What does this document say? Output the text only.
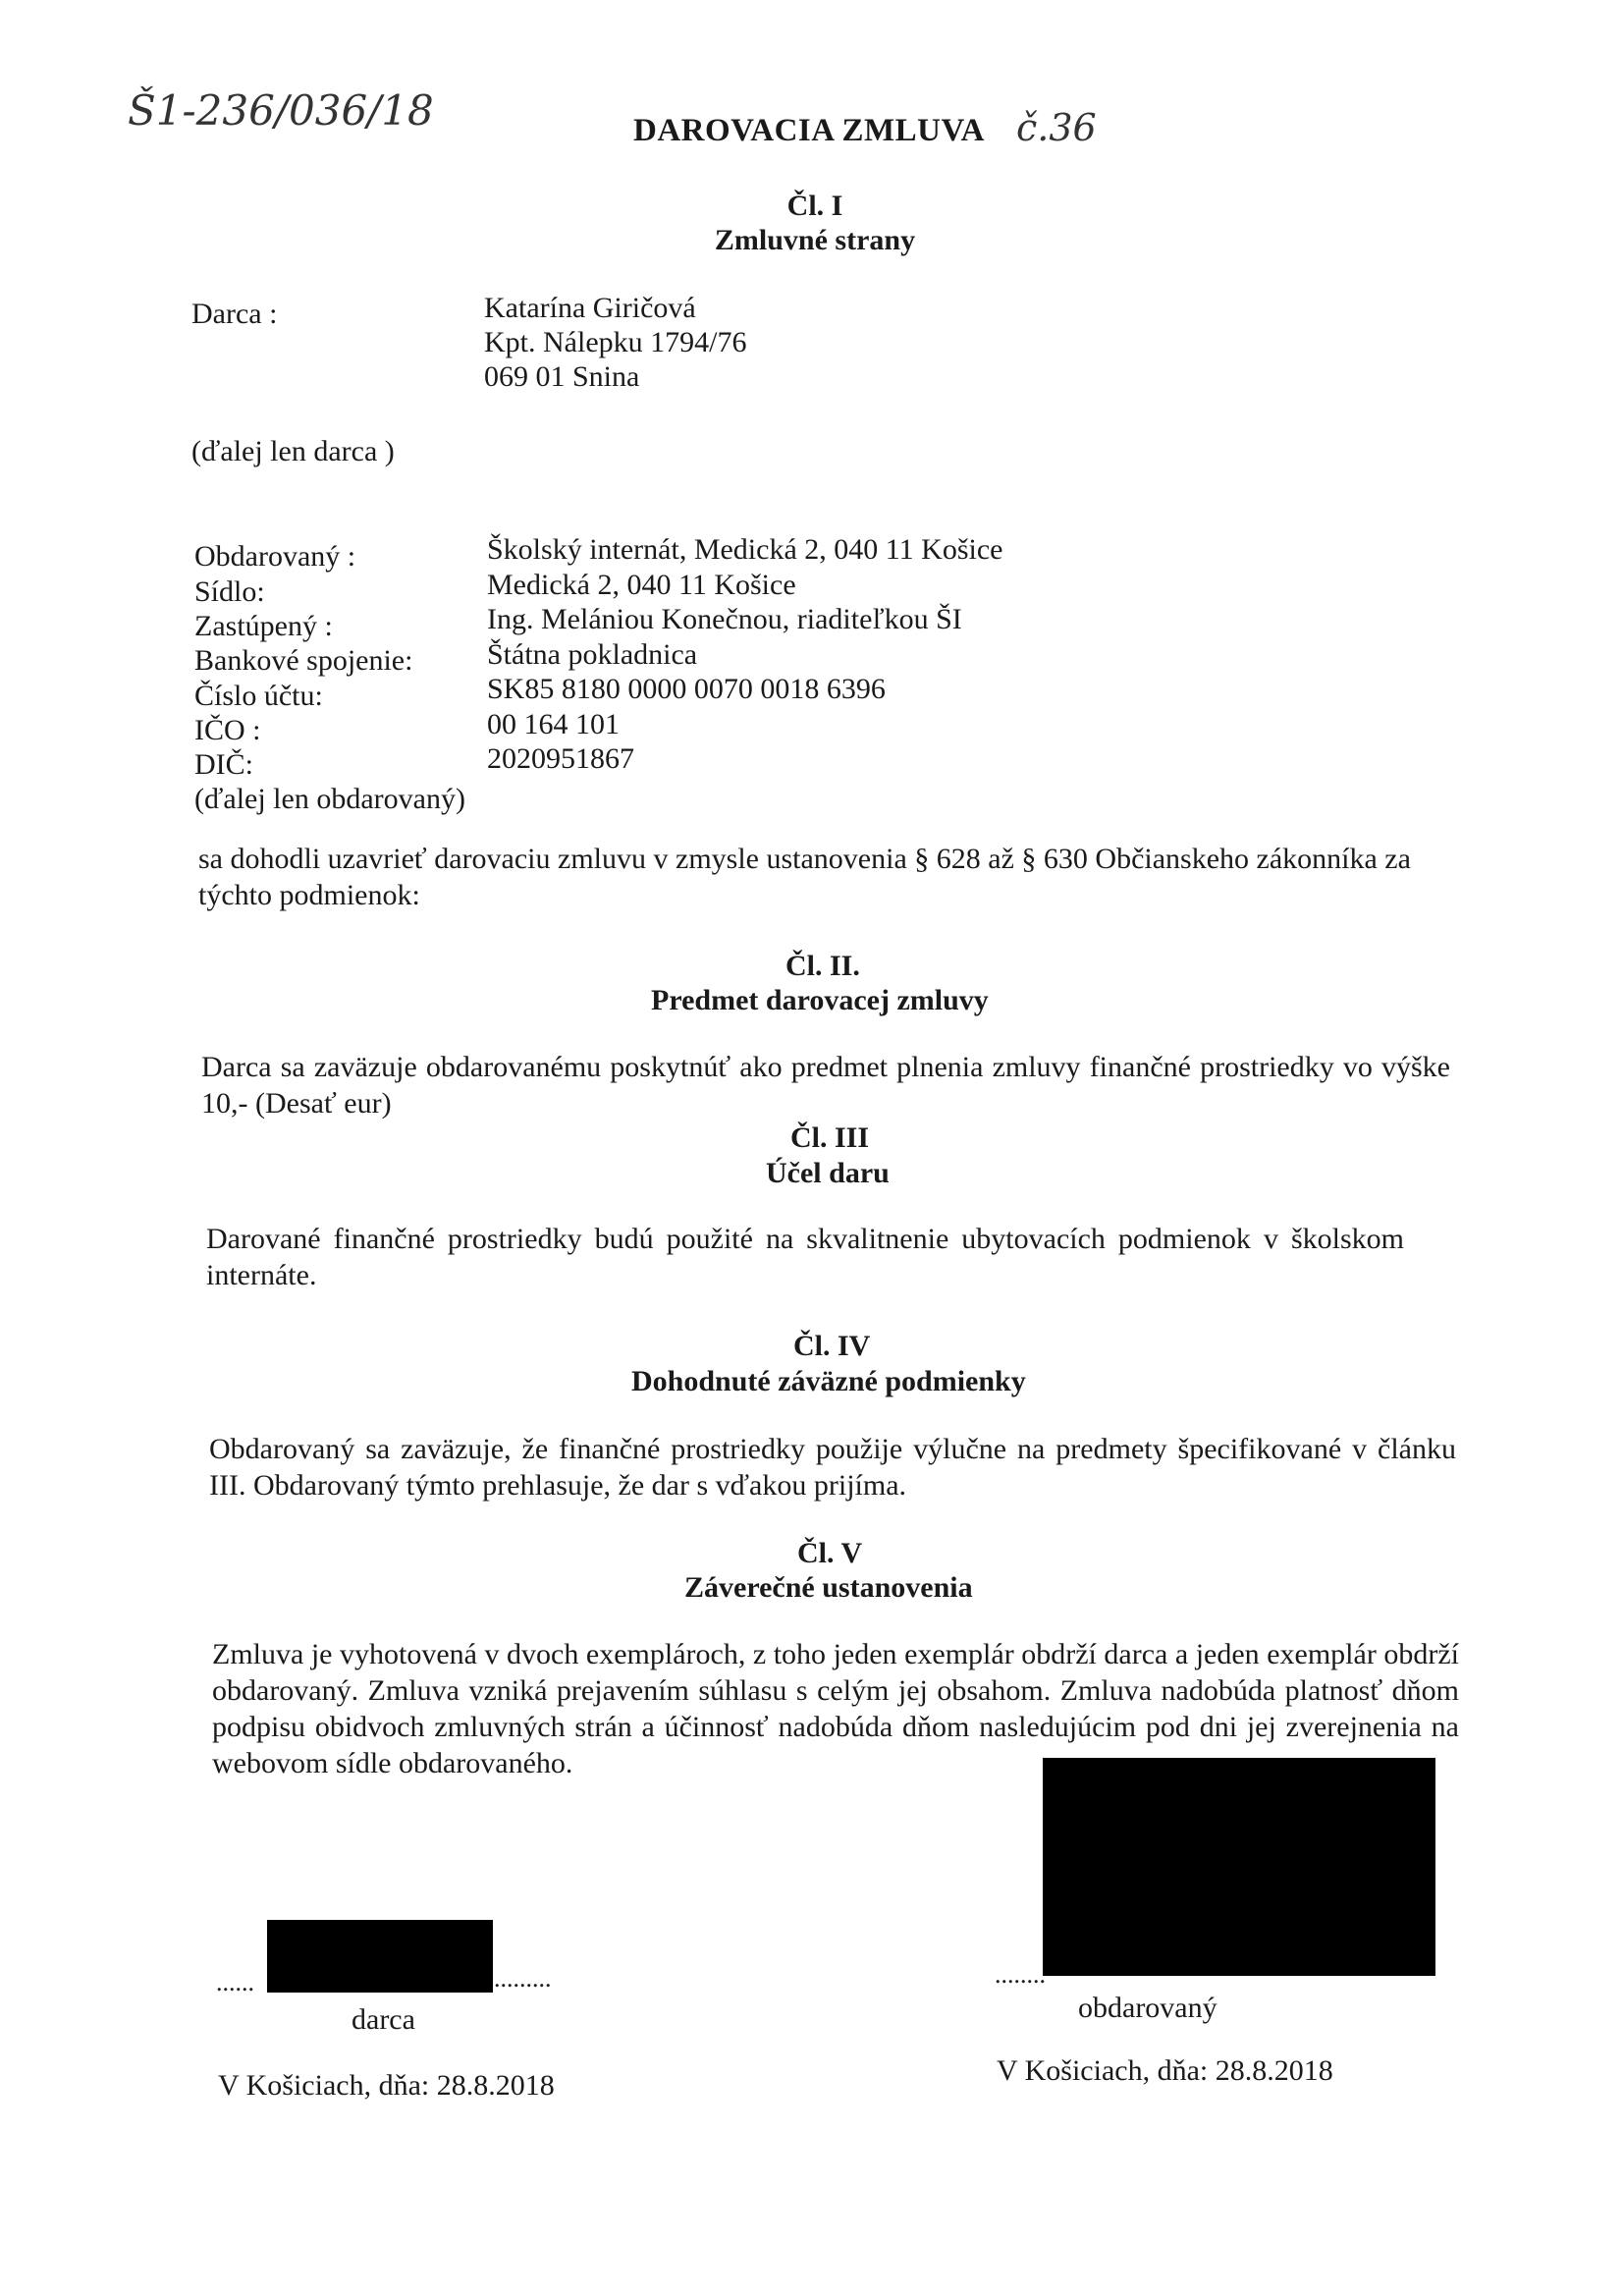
Š1-236/036/18	DAROVACIA ZMLUVA č.36
Čl. I
Zmluvné strany
Darca :	Katarína Giričová
Kpt. Nálepku 1794/76
069 01 Snina
(ďalej len darca )
Obdarovaný :	Školský internát, Medická 2, 040 11 Košice
Sídlo:	Medická 2, 040 11 Košice
Zastúpený :	Ing. Melániou Konečnou, riaditeľkou ŠI
Bankové spojenie:	Štátna pokladnica
Číslo účtu:	SK85 8180 0000 0070 0018 6396
IČO :	00 164 101
DIČ:	2020951867
(ďalej len obdarovaný)
sa dohodli uzavrieť darovaciu zmluvu v zmysle ustanovenia § 628 až § 630 Občianskeho zákonníka za týchto podmienok:
Čl. II.
Predmet darovacej zmluvy
Darca sa zaväzuje obdarovanému poskytnúť ako predmet plnenia zmluvy finančné prostriedky vo výške 10,- (Desať eur)
Čl. III
Účel daru
Darované finančné prostriedky budú použité na skvalitnenie ubytovacích podmienok v školskom internáte.
Čl. IV
Dohodnuté záväzné podmienky
Obdarovaný sa zaväzuje, že finančné prostriedky použije výlučne na predmety špecifikované v článku III. Obdarovaný týmto prehlasuje, že dar s vďakou prijíma.
Čl. V
Záverečné ustanovenia
Zmluva je vyhotovená v dvoch exemplároch, z toho jeden exemplár obdrží darca a jeden exemplár obdrží obdarovaný. Zmluva vzniká prejavením súhlasu s celým jej obsahom. Zmluva nadobúda platnosť dňom podpisu obidvoch zmluvných strán a účinnosť nadobúda dňom nasledujúcim pod dni jej zverejnenia na webovom sídle obdarovaného.
......	.........
darca
........
obdarovaný
V Košiciach, dňa: 28.8.2018	V Košiciach, dňa: 28.8.2018
